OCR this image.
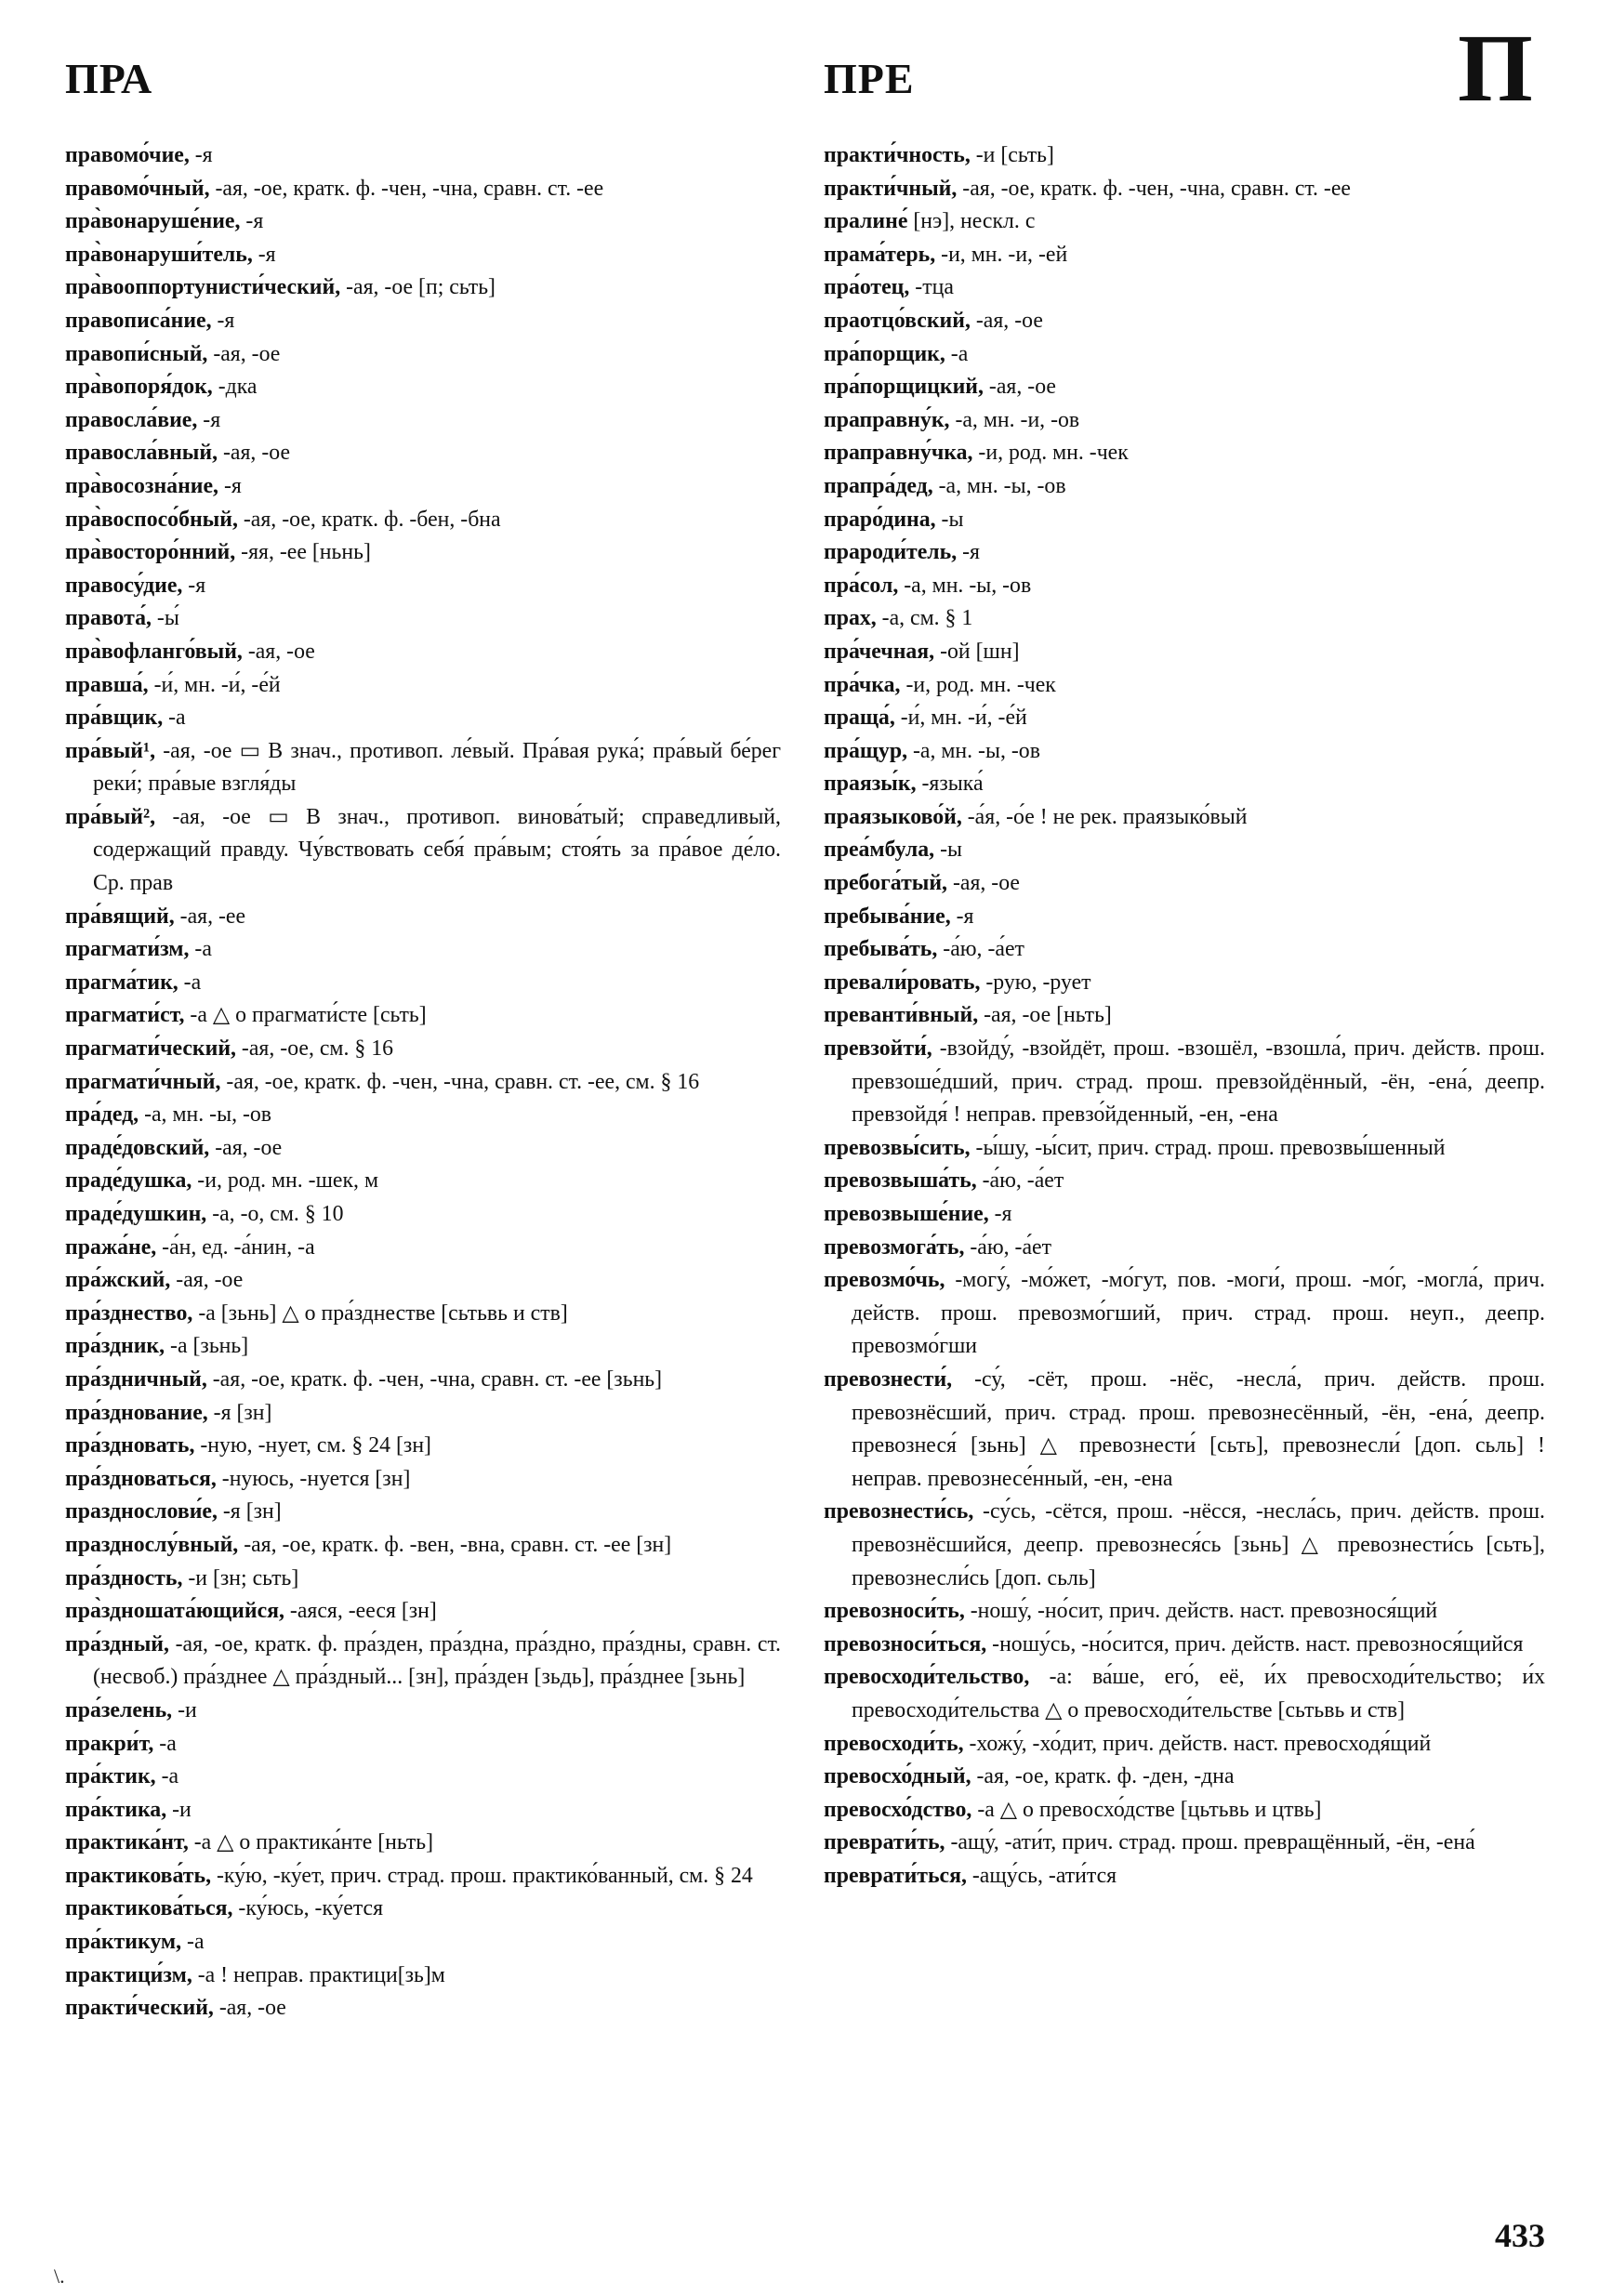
ПРА	ПРЕ	П
правомо́чие, -я
правомо́чный, -ая, -ое, кратк. ф. -чен, -чна, сравн. ст. -ее
пра̀вонаруше́ние, -я
пра̀вонаруши́тель, -я
пра̀вооппортунисти́ческий, -ая, -ое [п; сьть]
правописа́ние, -я
правопи́сный, -ая, -ое
пра̀вопоря́док, -дка
правосла́вие, -я
правосла́вный, -ая, -ое
пра̀восозна́ние, -я
пра̀воспосо́бный, -ая, -ое, кратк. ф. -бен, -бна
пра̀восторо́нний, -яя, -ее [ньнь]
правосу́дие, -я
правота́, -ы́
пра̀вофланго́вый, -ая, -ое
правша́, -и́, мн. -и́, -е́й
пра́вщик, -а
пра́вый¹, -ая, -ое ▭ В знач., противоп. ле́вый. Пра́вая рука́; пра́вый бе́рег реки́; пра́вые взгля́ды
пра́вый², -ая, -ое ▭ В знач., противоп. винова́тый; справедливый, содержащий правду. Чу́вствовать себя́ пра́вым; стоя́ть за пра́вое де́ло. Ср. прав
пра́вящий, -ая, -ее
прагмати́зм, -а
прагма́тик, -а
прагмати́ст, -а △ о прагмати́сте [сьть]
прагмати́ческий, -ая, -ое, см. § 16
прагмати́чный, -ая, -ое, кратк. ф. -чен, -чна, сравн. ст. -ее, см. § 16
пра́дед, -а, мн. -ы, -ов
праде́довский, -ая, -ое
праде́душка, -и, род. мн. -шек, м
праде́душкин, -а, -о, см. § 10
пража́не, -а́н, ед. -а́нин, -а
пра́жский, -ая, -ое
пра́зднество, -а [зьнь] △ о пра́зднестве [сьтьвь и ств]
пра́здник, -а [зьнь]
пра́здничный, -ая, -ое, кратк. ф. -чен, -чна, сравн. ст. -ее [зьнь]
пра́зднование, -я [зн]
пра́здновать, -ную, -нует, см. § 24 [зн]
пра́здноваться, -нуюсь, -нуется [зн]
празднослови́е, -я [зн]
празднослу́вный, -ая, -ое, кратк. ф. -вен, -вна, сравн. ст. -ее [зн]
пра́здность, -и [зн; сьть]
пра̀здношата́ющийся, -аяся, -ееся [зн]
пра́здный, -ая, -ое, кратк. ф. пра́зден, пра́здна, пра́здно, пра́здны, сравн. ст. (несвоб.) пра́зднее △ пра́здный... [зн], пра́зден [зьдь], пра́зднее [зьнь]
пра́зелень, -и
пракри́т, -а
пра́ктик, -а
пра́ктика, -и
практика́нт, -а △ о практика́нте [ньть]
практикова́ть, -ку́ю, -ку́ет, прич. страд. прош. практико́ванный, см. § 24
практикова́ться, -ку́юсь, -ку́ется
пра́ктикум, -а
практици́зм, -а ! неправ. практици[зь]м
практи́ческий, -ая, -ое
практи́чность, -и [сьть]
практи́чный, -ая, -ое, кратк. ф. -чен, -чна, сравн. ст. -ее
пралине́ [нэ], нескл. с
прама́терь, -и, мн. -и, -ей
пра́отец, -тца
праотцо́вский, -ая, -ое
пра́порщик, -а
пра́порщицкий, -ая, -ое
праправну́к, -а, мн. -и, -ов
праправну́чка, -и, род. мн. -чек
прапра́дед, -а, мн. -ы, -ов
праро́дина, -ы
прароди́тель, -я
пра́сол, -а, мн. -ы, -ов
прах, -а, см. § 1
пра́чечная, -ой [шн]
пра́чка, -и, род. мн. -чек
праща́, -и́, мн. -и́, -е́й
пра́щур, -а, мн. -ы, -ов
праязы́к, -языка́
праязыково́й, -а́я, -о́е ! не рек. праязыко́вый
преа́мбула, -ы
пребога́тый, -ая, -ое
пребыва́ние, -я
пребыва́ть, -а́ю, -а́ет
превали́ровать, -рую, -рует
преванти́вный, -ая, -ое [ньть]
превзойти́, -взойду́, -взойдёт, прош. -взошёл, -взошла́, прич. действ. прош. превзоше́дший, прич. страд. прош. превзойдённый, -ён, -ена́, деепр. превзойдя́ ! неправ. превзо́йденный, -ен, -ена
превозвы́сить, -ы́шу, -ы́сит, прич. страд. прош. превозвы́шенный
превозвыша́ть, -а́ю, -а́ет
превозвыше́ние, -я
превозмога́ть, -а́ю, -а́ет
превозмо́чь, -могу́, -мо́жет, -мо́гут, пов. -моги́, прош. -мо́г, -могла́, прич. действ. прош. превозмо́гший, прич. страд. прош. неуп., деепр. превозмо́гши
превознести́, -су́, -сёт, прош. -нёс, -несла́, прич. действ. прош. превознёсший, прич. страд. прош. превознесённый, -ён, -ена́, деепр. превознеся́ [зьнь] △ превознести́ [сьть], превознесли́ [доп. сьль] ! неправ. превознесе́нный, -ен, -ена
превознести́сь, -су́сь, -сётся, прош. -нёсся, -несла́сь, прич. действ. прош. превознёсшийся, деепр. превознеся́сь [зьнь] △ превознести́сь [сьть], превознесли́сь [доп. сьль]
превозноси́ть, -ношу́, -но́сит, прич. действ. наст. превознося́щий
превозноси́ться, -ношу́сь, -но́сится, прич. действ. наст. превознося́щийся
превосходи́тельство, -а: ва́ше, его́, её, и́х превосходи́тельство; и́х превосходи́тельства △ о превосходи́тельстве [сьтьвь и ств]
превосходи́ть, -хожу́, -хо́дит, прич. действ. наст. превосходя́щий
превосхо́дный, -ая, -ое, кратк. ф. -ден, -дна
превосхо́дство, -а △ о превосхо́дстве [цьтьвь и цтвь]
преврати́ть, -ащу́, -ати́т, прич. страд. прош. превращённый, -ён, -ена́
преврати́ться, -ащу́сь, -ати́тся
433
\.
